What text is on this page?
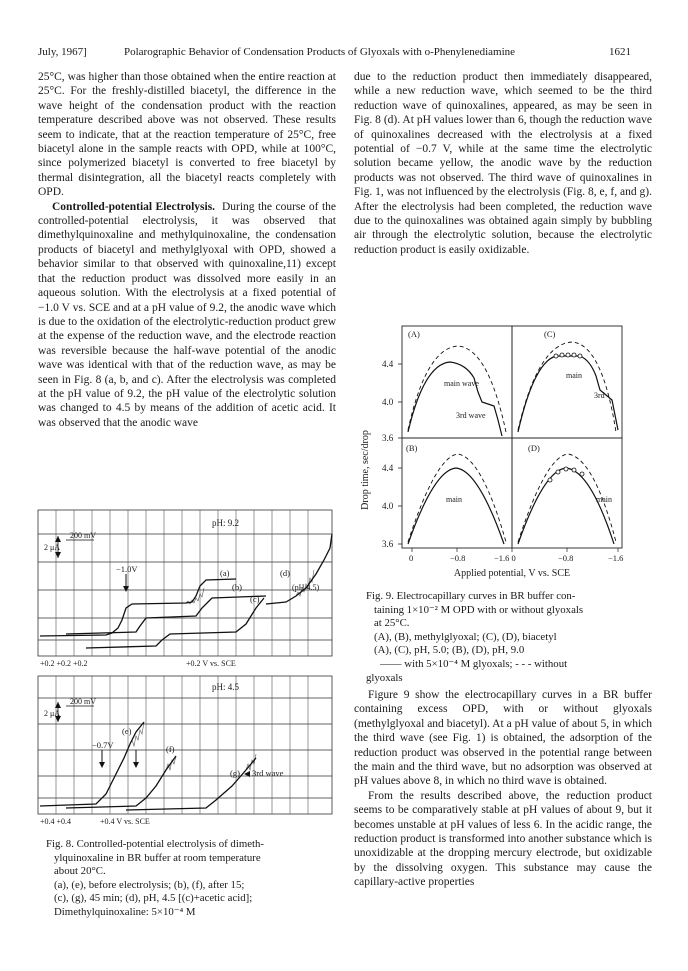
July, 1967]	Polarographic Behavior of Condensation Products of Glyoxals with o-Phenylenediamine	1621

25°C, was higher than those obtained when the entire reaction at 25°C. For the freshly-distilled biacetyl, the difference in the wave height of the condensation product with the reaction temperature described above was not observed. These results seem to indicate, that at the reaction temperature of 25°C, free biacetyl alone in the sample reacts with OPD, while at 100°C, since polymerized biacetyl is converted to free biacetyl by thermal disintegration, all the biacetyl reacts completely with OPD.

Controlled-potential Electrolysis. During the course of the controlled-potential electrolysis, it was observed that dimethylquinoxaline and methylquinoxaline, the condensation products of biacetyl and methylglyoxal with OPD, showed a behavior similar to that observed with quinoxaline,11) except that the reduction product was dissolved more easily in an aqueous solution. With the electrolysis at a fixed potential of −1.0 V vs. SCE and at a pH value of 9.2, the anodic wave which is due to the oxidation of the electrolytic-reduction product grew at the expense of the reduction wave, and the electrode reaction was reversible because the half-wave potential of the anodic wave was identical with that of the reduction wave, as may be seen in Fig. 8 (a, b, and c). After the electrolysis was completed at the pH value of 9.2, the pH value of the electrolytic solution was changed to 4.5 by means of the addition of acetic acid. It was observed that the anodic wave

pH: 9.2
2 μA
200 mV
−1.0V	(a)
(b)
(c)
(d)
(pH 4.5)
+0.2 +0.2 +0.2	+0.2 V vs. SCE
pH: 4.5
2 μA
200 mV
−0.7V
(e)
(f)
(g) 3rd wave
+0.4 +0.4	+0.4 V vs. SCE
Fig. 8. Controlled-potential electrolysis of dimeth-
ylquinoxaline in BR buffer at room temperature
about 20°C.
(a), (e), before electrolysis; (b), (f), after 15;
(c), (g), 45 min; (d), pH, 4.5 [(c)+acetic acid];
Dimethylquinoxaline: 5×10⁻⁴ M

due to the reduction product then immediately disappeared, while a new reduction wave, which seemed to be the third reduction wave of quinoxalines, appeared, as may be seen in Fig. 8 (d). At pH values lower than 6, though the reduction wave of quinoxalines decreased with the electrolysis at a fixed potential of −0.7 V, while at the same time the electrolytic solution became yellow, the anodic wave by the reduction products was not observed. The third wave of quinoxalines in Fig. 1, was not influenced by the electrolysis (Fig. 8, e, f, and g). After the electrolysis had been completed, the reduction wave due to the quinoxalines was obtained again simply by bubbling air through the electrolytic solution, because the electrolytic reduction product is easily oxidizable.

Drop time, sec/drop
4.4
4.0
3.6
4.4
4.0
3.6
0	−0.8	−1.6 0	−0.8	−1.6
Applied potential, V vs. SCE
(A)
main wave
3rd wave
(C)
main
3rd
(B)
main
(D)
main
Fig. 9. Electrocapillary curves in BR buffer con-
taining 1×10⁻² M OPD with or without glyoxals
at 25°C.
(A), (B), methylglyoxal; (C), (D), biacetyl
(A), (C), pH, 5.0; (B), (D), pH, 9.0
—— with 5×10⁻⁴ M glyoxals; - - - without
glyoxals

Figure 9 show the electrocapillary curves in a BR buffer containing excess OPD, with or without glyoxals (methylglyoxal and biacetyl). At a pH value of about 5, in which the third wave (see Fig. 1) is obtained, the adsorption of the reduction product was observed in the potential range between the main and the third wave, but no adsorption was observed at pH values above 8, in which no third wave is obtained.

From the results described above, the reduction product seems to be comparatively stable at pH values of about 9, but it becomes unstable at pH values of less 6. In the acidic range, the reduction product is transformed into another substance which is unoxidizable at the dropping mercury electrode, but oxidizable by the dissolving oxygen. This substance may cause the capillary-active properties
